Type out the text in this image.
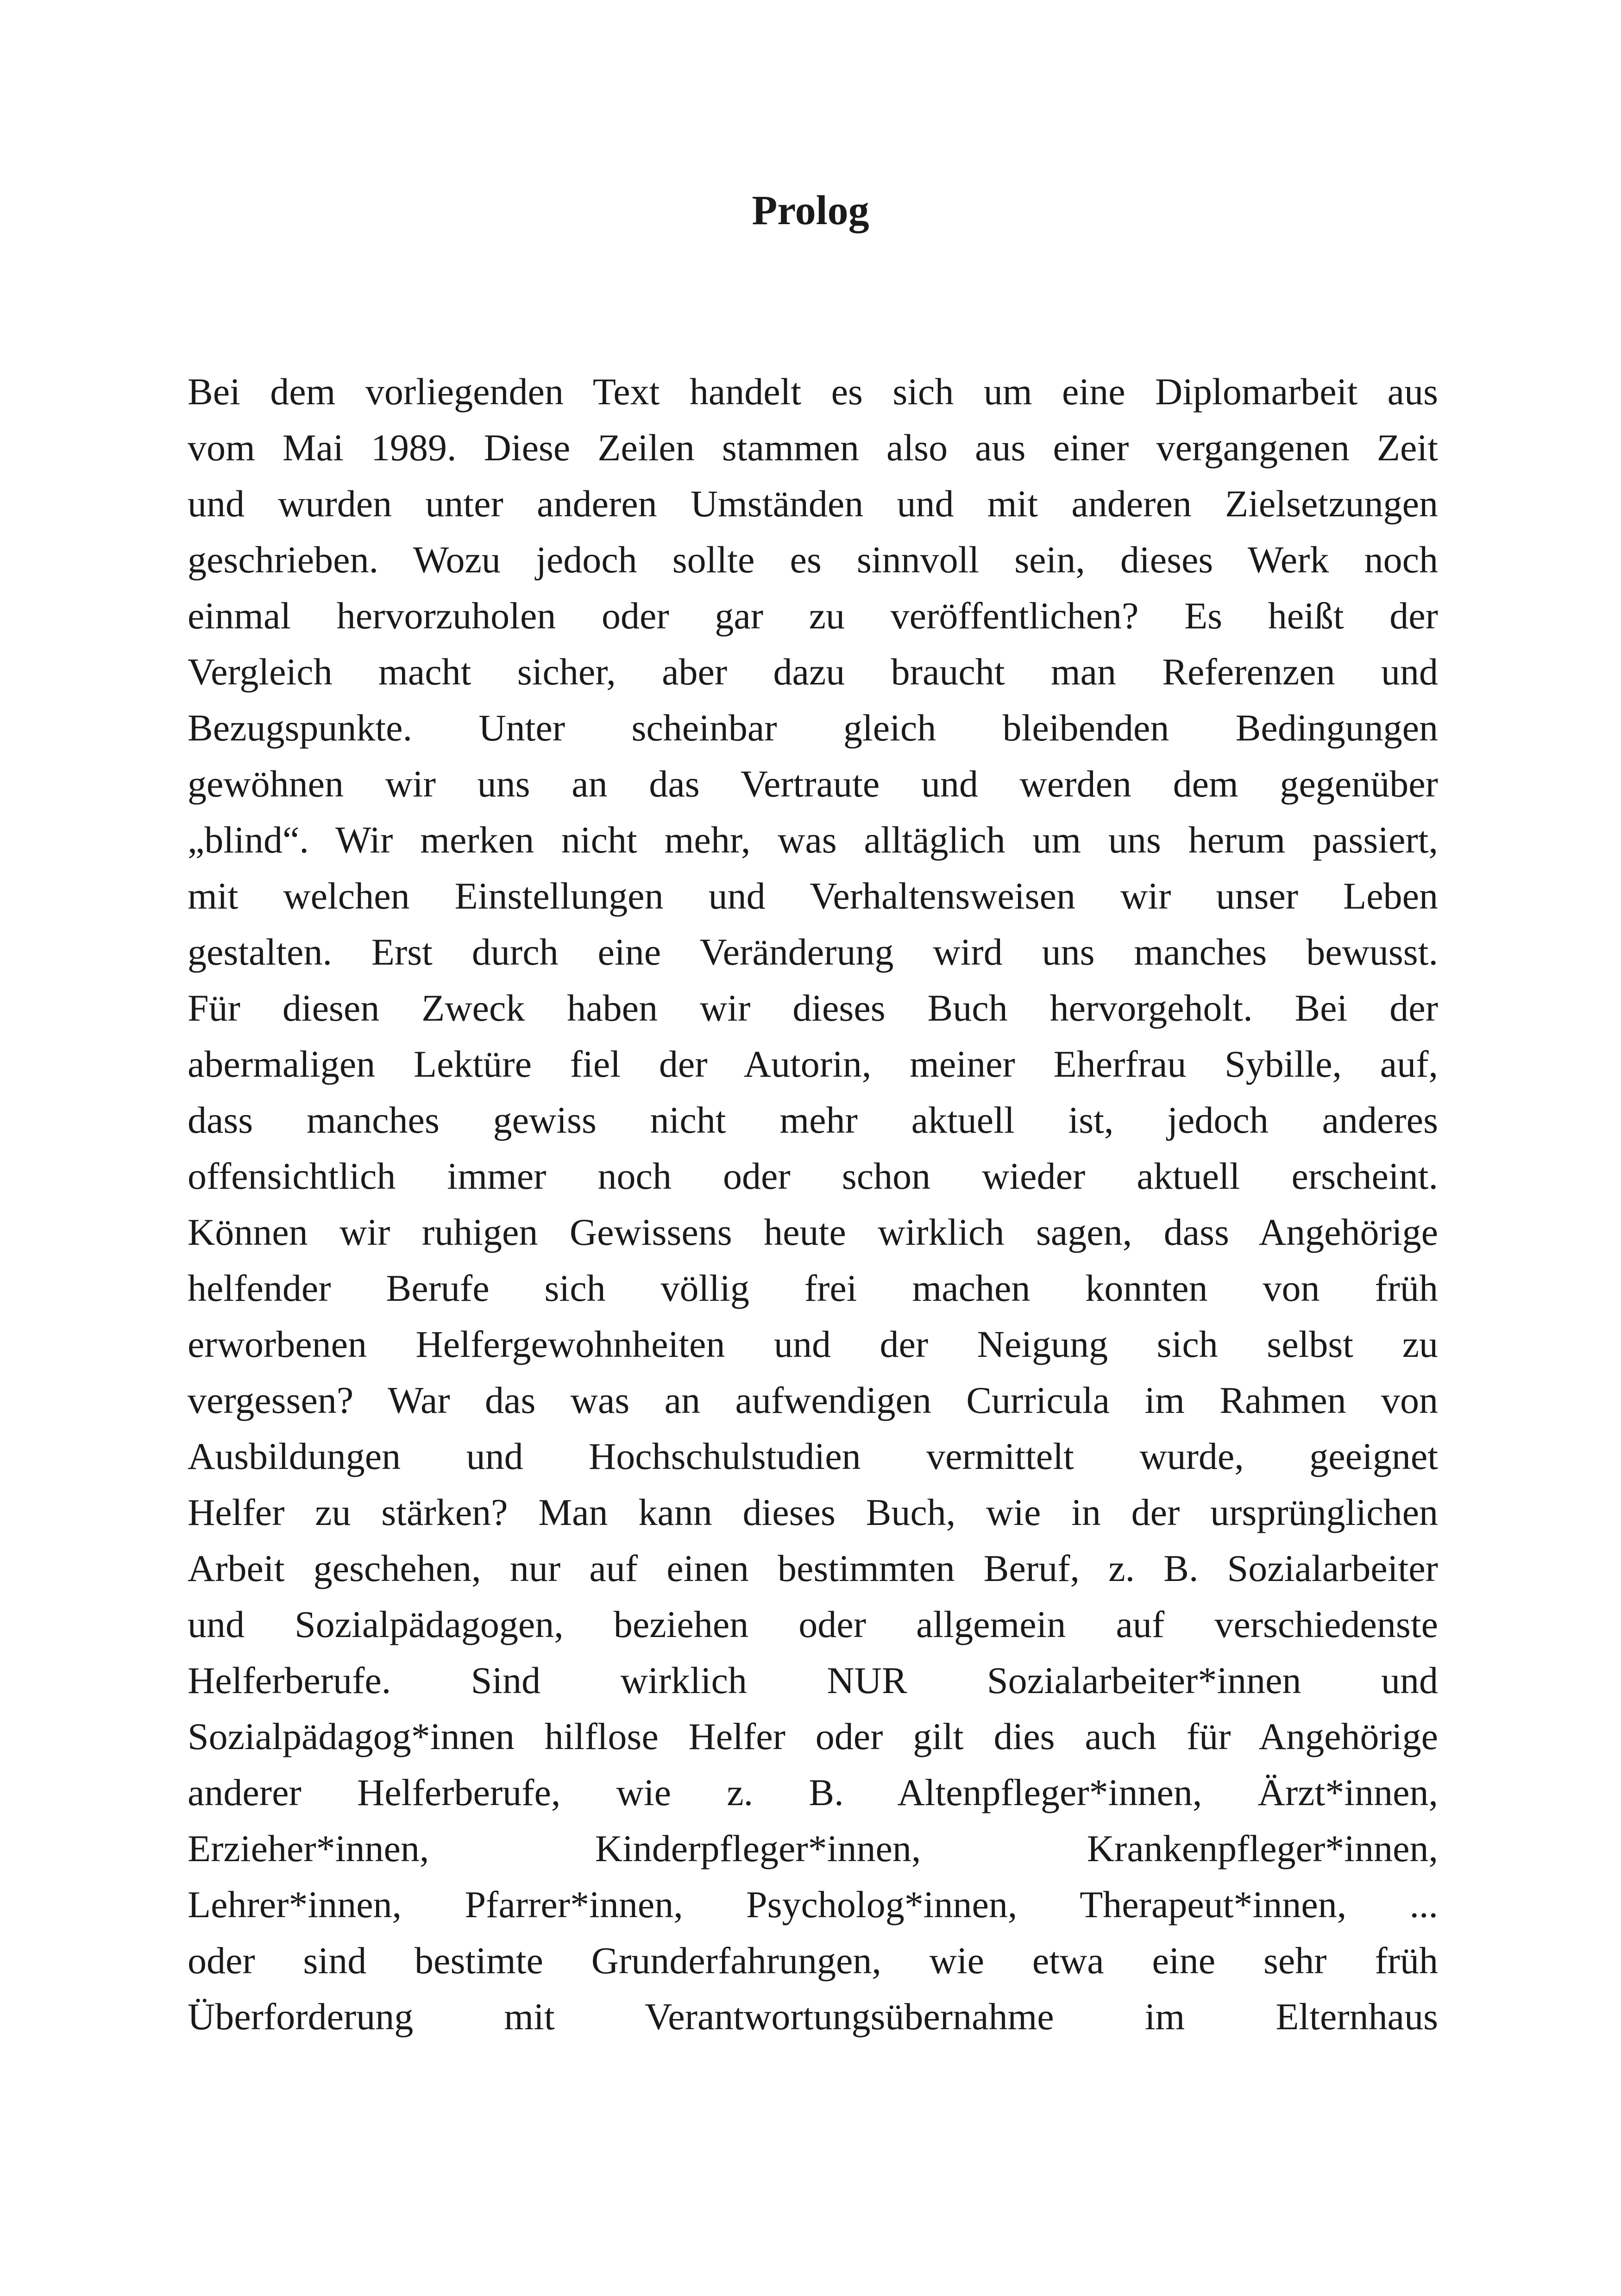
Prolog
Bei dem vorliegenden Text handelt es sich um eine Diplomarbeit aus
vom Mai 1989. Diese Zeilen stammen also aus einer vergangenen Zeit
und wurden unter anderen Umständen und mit anderen Zielsetzungen
geschrieben. Wozu jedoch sollte es sinnvoll sein, dieses Werk noch
einmal hervorzuholen oder gar zu veröffentlichen? Es heißt der
Vergleich macht sicher, aber dazu braucht man Referenzen und
Bezugspunkte. Unter scheinbar gleich bleibenden Bedingungen
gewöhnen wir uns an das Vertraute und werden dem gegenüber
„blind“. Wir merken nicht mehr, was alltäglich um uns herum passiert,
mit welchen Einstellungen und Verhaltensweisen wir unser Leben
gestalten. Erst durch eine Veränderung wird uns manches bewusst.
Für diesen Zweck haben wir dieses Buch hervorgeholt. Bei der
abermaligen Lektüre fiel der Autorin, meiner Eherfrau Sybille, auf,
dass manches gewiss nicht mehr aktuell ist, jedoch anderes
offensichtlich immer noch oder schon wieder aktuell erscheint.
Können wir ruhigen Gewissens heute wirklich sagen, dass Angehörige
helfender Berufe sich völlig frei machen konnten von früh
erworbenen Helfergewohnheiten und der Neigung sich selbst zu
vergessen? War das was an aufwendigen Curricula im Rahmen von
Ausbildungen und Hochschulstudien vermittelt wurde, geeignet
Helfer zu stärken? Man kann dieses Buch, wie in der ursprünglichen
Arbeit geschehen, nur auf einen bestimmten Beruf, z. B. Sozialarbeiter
und Sozialpädagogen, beziehen oder allgemein auf verschiedenste
Helferberufe. Sind wirklich NUR Sozialarbeiter*innen und
Sozialpädagog*innen hilflose Helfer oder gilt dies auch für Angehörige
anderer Helferberufe, wie z. B. Altenpfleger*innen, Ärzt*innen,
Erzieher*innen, Kinderpfleger*innen, Krankenpfleger*innen,
Lehrer*innen, Pfarrer*innen, Psycholog*innen, Therapeut*innen, ...
oder sind bestimte Grunderfahrungen, wie etwa eine sehr früh
Überforderung mit Verantwortungsübernahme im Elternhaus
